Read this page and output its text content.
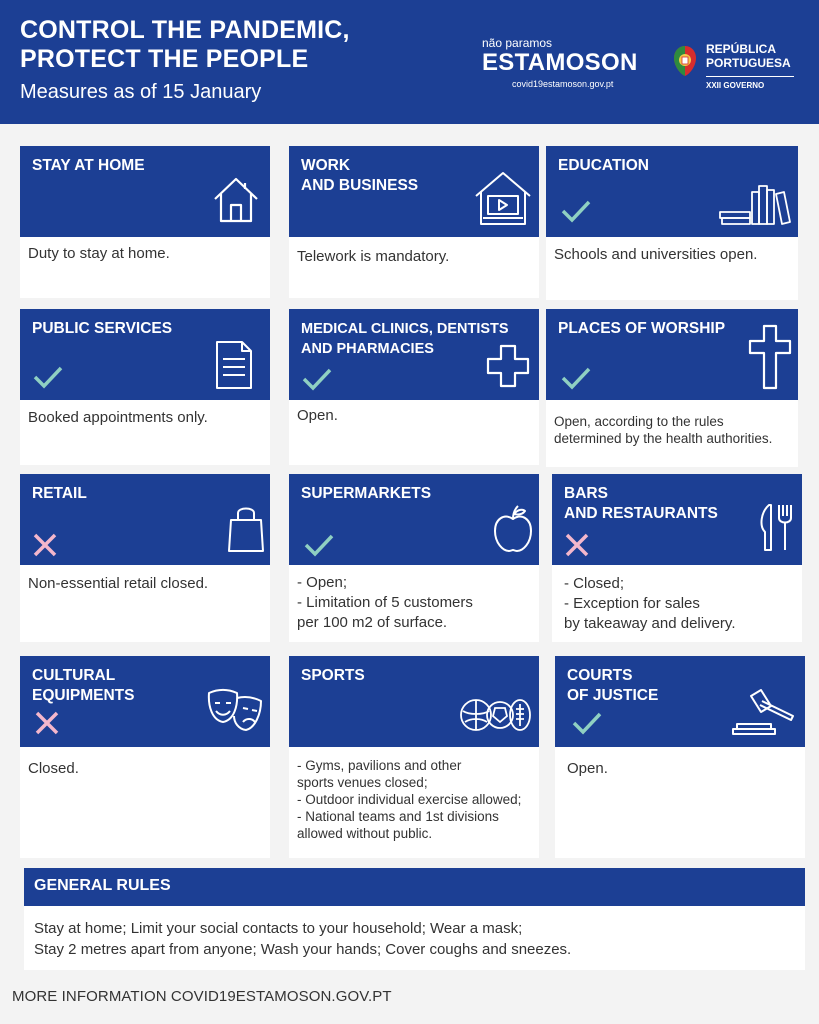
CONTROL THE PANDEMIC,
PROTECT THE PEOPLE
Measures as of 15 January
não paramos
ESTAMOSON
covid19estamoson.gov.pt
REPÚBLICA
PORTUGUESA
XXII GOVERNO
STAY AT HOME
Duty to stay at home.
WORK
AND BUSINESS
Telework is mandatory.
EDUCATION
Schools and universities open.
PUBLIC SERVICES
Booked appointments only.
MEDICAL CLINICS, DENTISTS
AND PHARMACIES
Open.
PLACES OF WORSHIP
Open, according to the rules
determined by the health authorities.
RETAIL
Non-essential retail closed.
SUPERMARKETS
- Open;
- Limitation of 5 customers
per 100 m2 of surface.
BARS
AND RESTAURANTS
- Closed;
- Exception for sales
by takeaway and delivery.
CULTURAL
EQUIPMENTS
Closed.
SPORTS
- Gyms, pavilions and other
sports venues closed;
- Outdoor individual exercise allowed;
- National teams and 1st divisions
allowed without public.
COURTS
OF JUSTICE
Open.
GENERAL RULES
Stay at home; Limit your social contacts to your household; Wear a mask;
Stay 2 metres apart from anyone; Wash your hands; Cover coughs and sneezes.
MORE INFORMATION COVID19ESTAMOSON.GOV.PT
